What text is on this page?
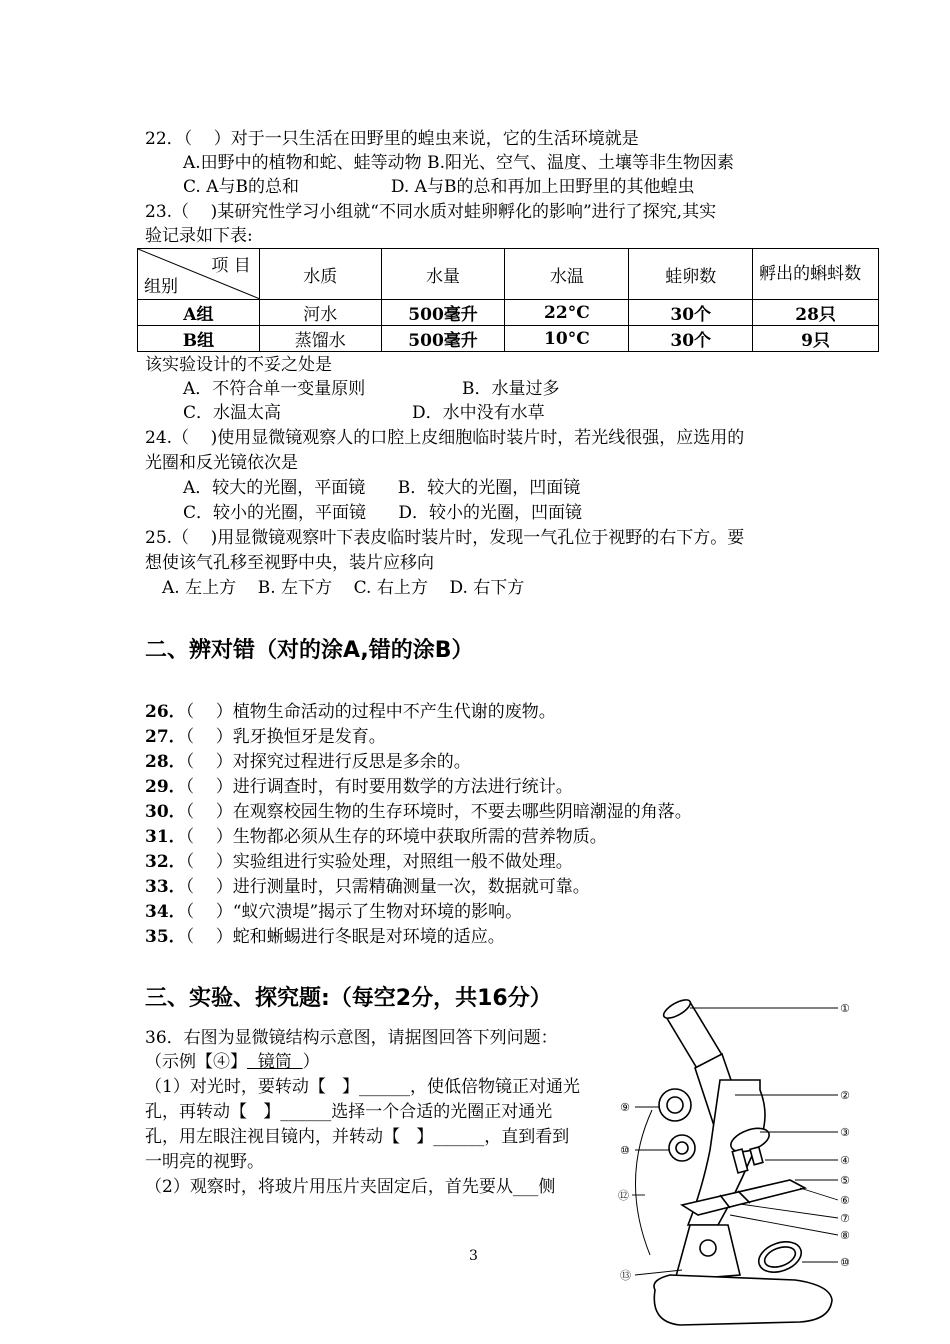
22．（    ）对于一只生活在田野里的蝗虫来说，它的生活环境就是
A.田野中的植物和蛇、蛙等动物 B.阳光、空气、温度、土壤等非生物因素
C. A与B的总和                 D. A与B的总和再加上田野里的其他蝗虫
23.（    )某研究性学习小组就“不同水质对蛙卵孵化的影响”进行了探究,其实
验记录如下表:
项 目
组别	水质	水量	水温	蛙卵数	孵出的蝌蚪数
A组	河水	500毫升	22°C	30个	28只
B组	蒸馏水	500毫升	10°C	30个	9只
该实验设计的不妥之处是
A．不符合单一变量原则	B．水量过多
C．水温太高	D．水中没有水草
24.（    )使用显微镜观察人的口腔上皮细胞临时装片时，若光线很强，应选用的
光圈和反光镜依次是
A．较大的光圈，平面镜      B．较大的光圈，凹面镜
C．较小的光圈，平面镜      D．较小的光圈，凹面镜
25.（    )用显微镜观察叶下表皮临时装片时，发现一气孔位于视野的右下方。要
想使该气孔移至视野中央，装片应移向
A. 左上方    B. 左下方    C. 右上方    D. 右下方
二、辨对错（对的涂A,错的涂B）
26．（    ）植物生命活动的过程中不产生代谢的废物。
27．（    ）乳牙换恒牙是发育。
28．（    ）对探究过程进行反思是多余的。
29．（    ）进行调查时，有时要用数学的方法进行统计。
30．（    ）在观察校园生物的生存环境时，不要去哪些阴暗潮湿的角落。
31．（    ）生物都必须从生存的环境中获取所需的营养物质。
32．（    ）实验组进行实验处理，对照组一般不做处理。
33．（    ）进行测量时，只需精确测量一次，数据就可靠。
34．（    ）“蚁穴溃堤”揭示了生物对环境的影响。
35．（    ）蛇和蜥蜴进行冬眠是对环境的适应。
三、实验、探究题:（每空2分，共16分）
36．右图为显微镜结构示意图，请据图回答下列问题：
（示例【④】  镜筒  ）
（1）对光时，要转动【   】______，使低倍物镜正对通光
孔，再转动【   】______选择一个合适的光圈正对通光
孔，用左眼注视目镜内，并转动【   】______，直到看到
一明亮的视野。
（2）观察时，将玻片用压片夹固定后，首先要从___侧
①
②
③
④
⑤
⑥
⑦
⑧
⑨
⑩
⑫
⑩
⑬
3
